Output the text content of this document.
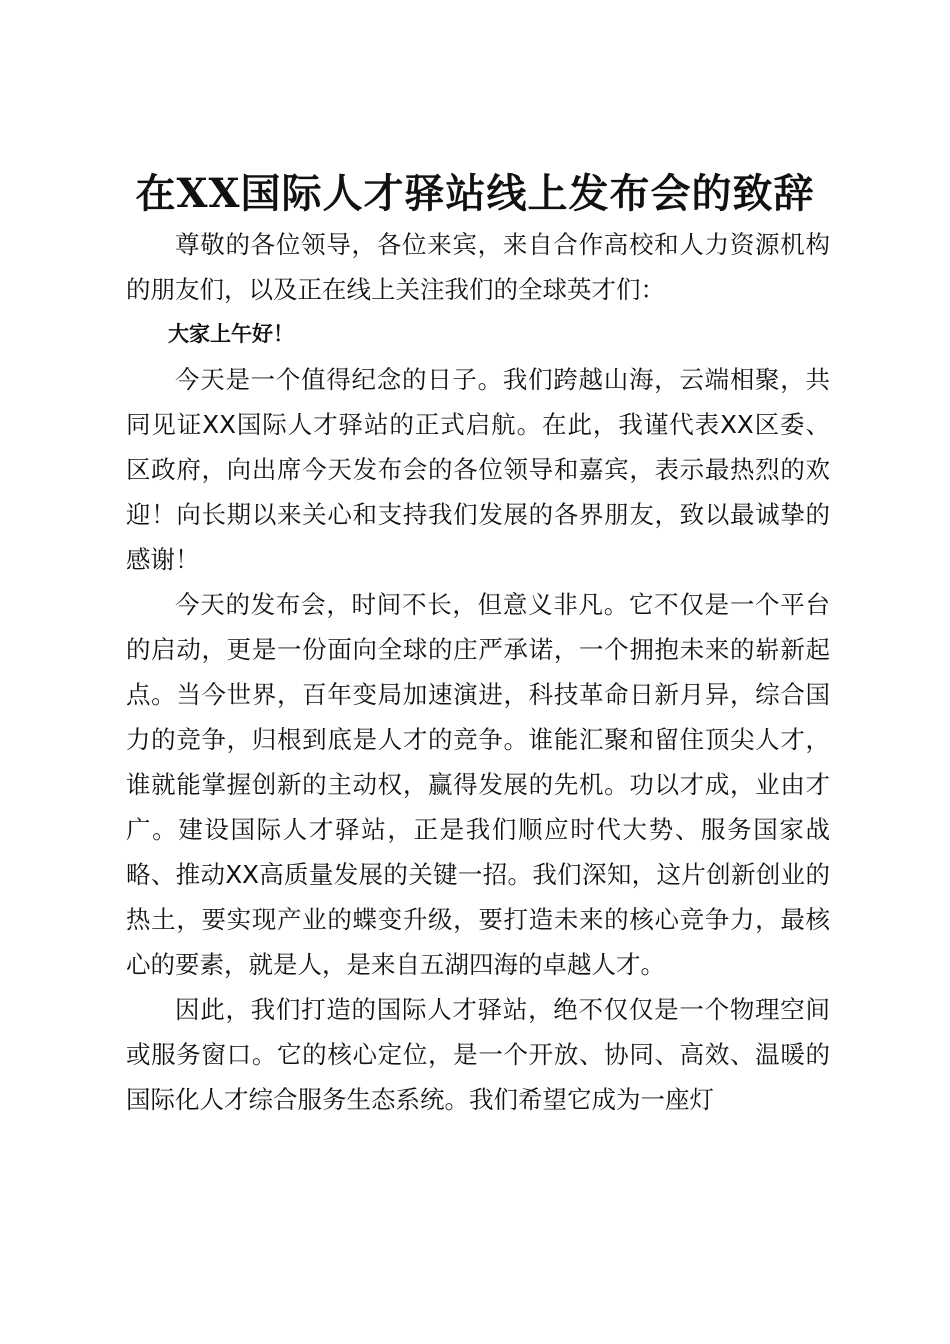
在XX国际人才驿站线上发布会的致辞

尊敬的各位领导，各位来宾，来自合作高校和人力资源机构的朋友们，以及正在线上关注我们的全球英才们：

大家上午好！

今天是一个值得纪念的日子。我们跨越山海，云端相聚，共同见证XX国际人才驿站的正式启航。在此，我谨代表XX区委、区政府，向出席今天发布会的各位领导和嘉宾，表示最热烈的欢迎！向长期以来关心和支持我们发展的各界朋友，致以最诚挚的感谢！

今天的发布会，时间不长，但意义非凡。它不仅是一个平台的启动，更是一份面向全球的庄严承诺，一个拥抱未来的崭新起点。当今世界，百年变局加速演进，科技革命日新月异，综合国力的竞争，归根到底是人才的竞争。谁能汇聚和留住顶尖人才，谁就能掌握创新的主动权，赢得发展的先机。功以才成，业由才广。建设国际人才驿站，正是我们顺应时代大势、服务国家战略、推动XX高质量发展的关键一招。我们深知，这片创新创业的热土，要实现产业的蝶变升级，要打造未来的核心竞争力，最核心的要素，就是人，是来自五湖四海的卓越人才。

因此，我们打造的国际人才驿站，绝不仅仅是一个物理空间或服务窗口。它的核心定位，是一个开放、协同、高效、温暖的国际化人才综合服务生态系统。我们希望它成为一座灯
